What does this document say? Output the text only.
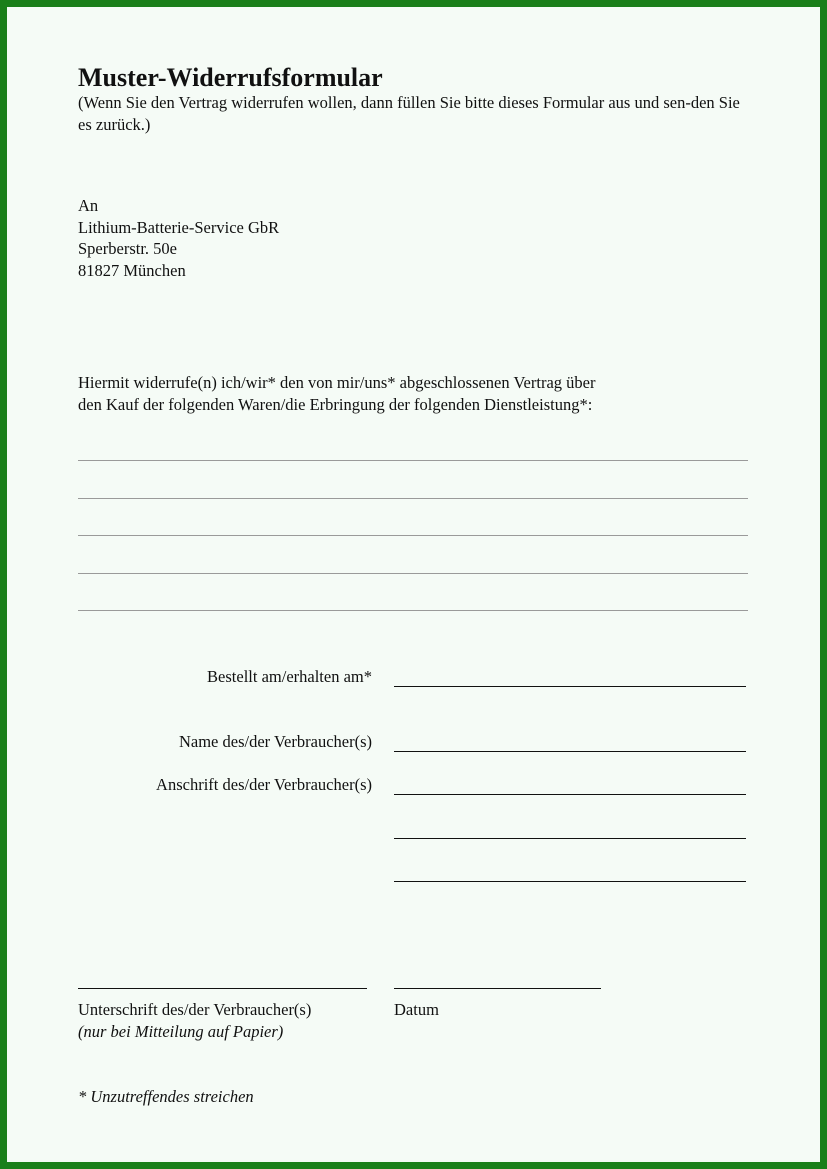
Muster-Widerrufsformular
(Wenn Sie den Vertrag widerrufen wollen, dann füllen Sie bitte dieses Formular aus und sen-den Sie es zurück.)
An
Lithium-Batterie-Service GbR
Sperberstr. 50e
81827 München
Hiermit widerrufe(n) ich/wir* den von mir/uns* abgeschlossenen Vertrag über
den Kauf der folgenden Waren/die Erbringung der folgenden Dienstleistung*:
Bestellt am/erhalten am*
Name des/der Verbraucher(s)
Anschrift des/der Verbraucher(s)
Unterschrift des/der Verbraucher(s)
(nur bei Mitteilung auf Papier)
Datum
* Unzutreffendes streichen
